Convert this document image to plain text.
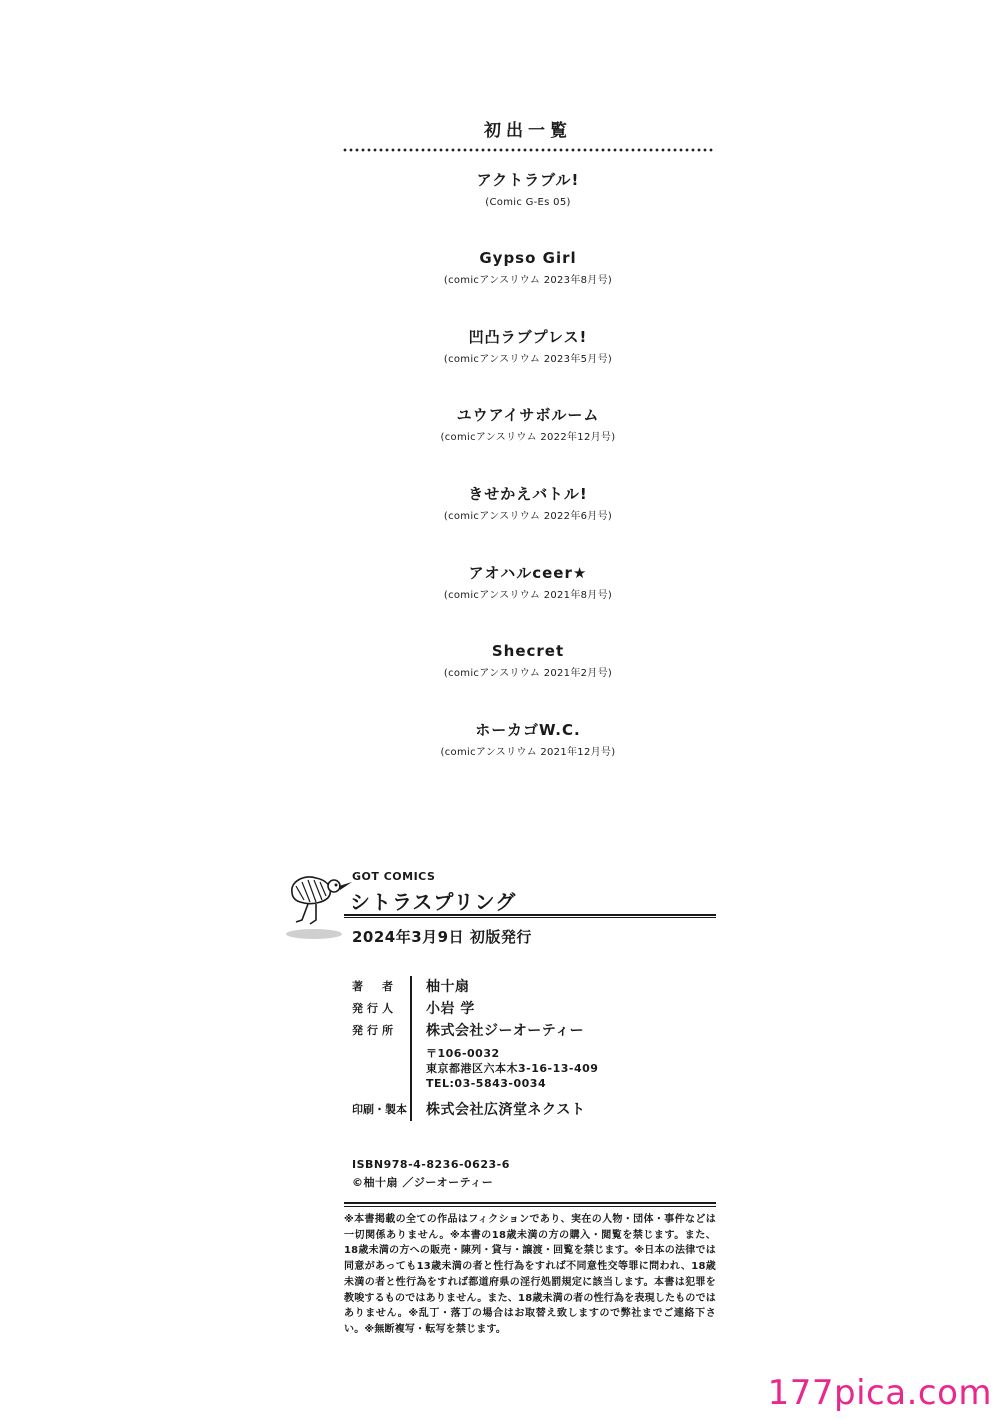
初出一覧
アクトラブル!
(Comic G-Es 05)
Gypso Girl
(comicアンスリウム 2023年8月号)
凹凸ラブプレス!
(comicアンスリウム 2023年5月号)
ユウアイサボルーム
(comicアンスリウム 2022年12月号)
きせかえバトル!
(comicアンスリウム 2022年6月号)
アオハルceer★
(comicアンスリウム 2021年8月号)
Shecret
(comicアンスリウム 2021年2月号)
ホーカゴW.C.
(comicアンスリウム 2021年12月号)
GOT COMICS
シトラスプリング
2024年3月9日 初版発行
著　者	柚十扇
発行人	小岩 学
発行所	株式会社ジーオーティー
〒106-0032
東京都港区六本木3-16-13-409
TEL:03-5843-0034
印刷・製本 株式会社広済堂ネクスト
ISBN978-4-8236-0623-6
©柚十扇 ／ジーオーティー
※本書掲載の全ての作品はフィクションであり、実在の人物・団体・事件などは一切関係ありません。※本書の18歳未満の方の購入・閲覧を禁じます。また、18歳未満の方への販売・陳列・貸与・譲渡・回覧を禁じます。※日本の法律では同意があっても13歳未満の者と性行為をすれば不同意性交等罪に問われ、18歳未満の者と性行為をすれば都道府県の淫行処罰規定に該当します。本書は犯罪を教唆するものではありません。また、18歳未満の者の性行為を表現したものではありません。※乱丁・落丁の場合はお取替え致しますので弊社までご連絡下さい。※無断複写・転写を禁じます。
177pica.com
